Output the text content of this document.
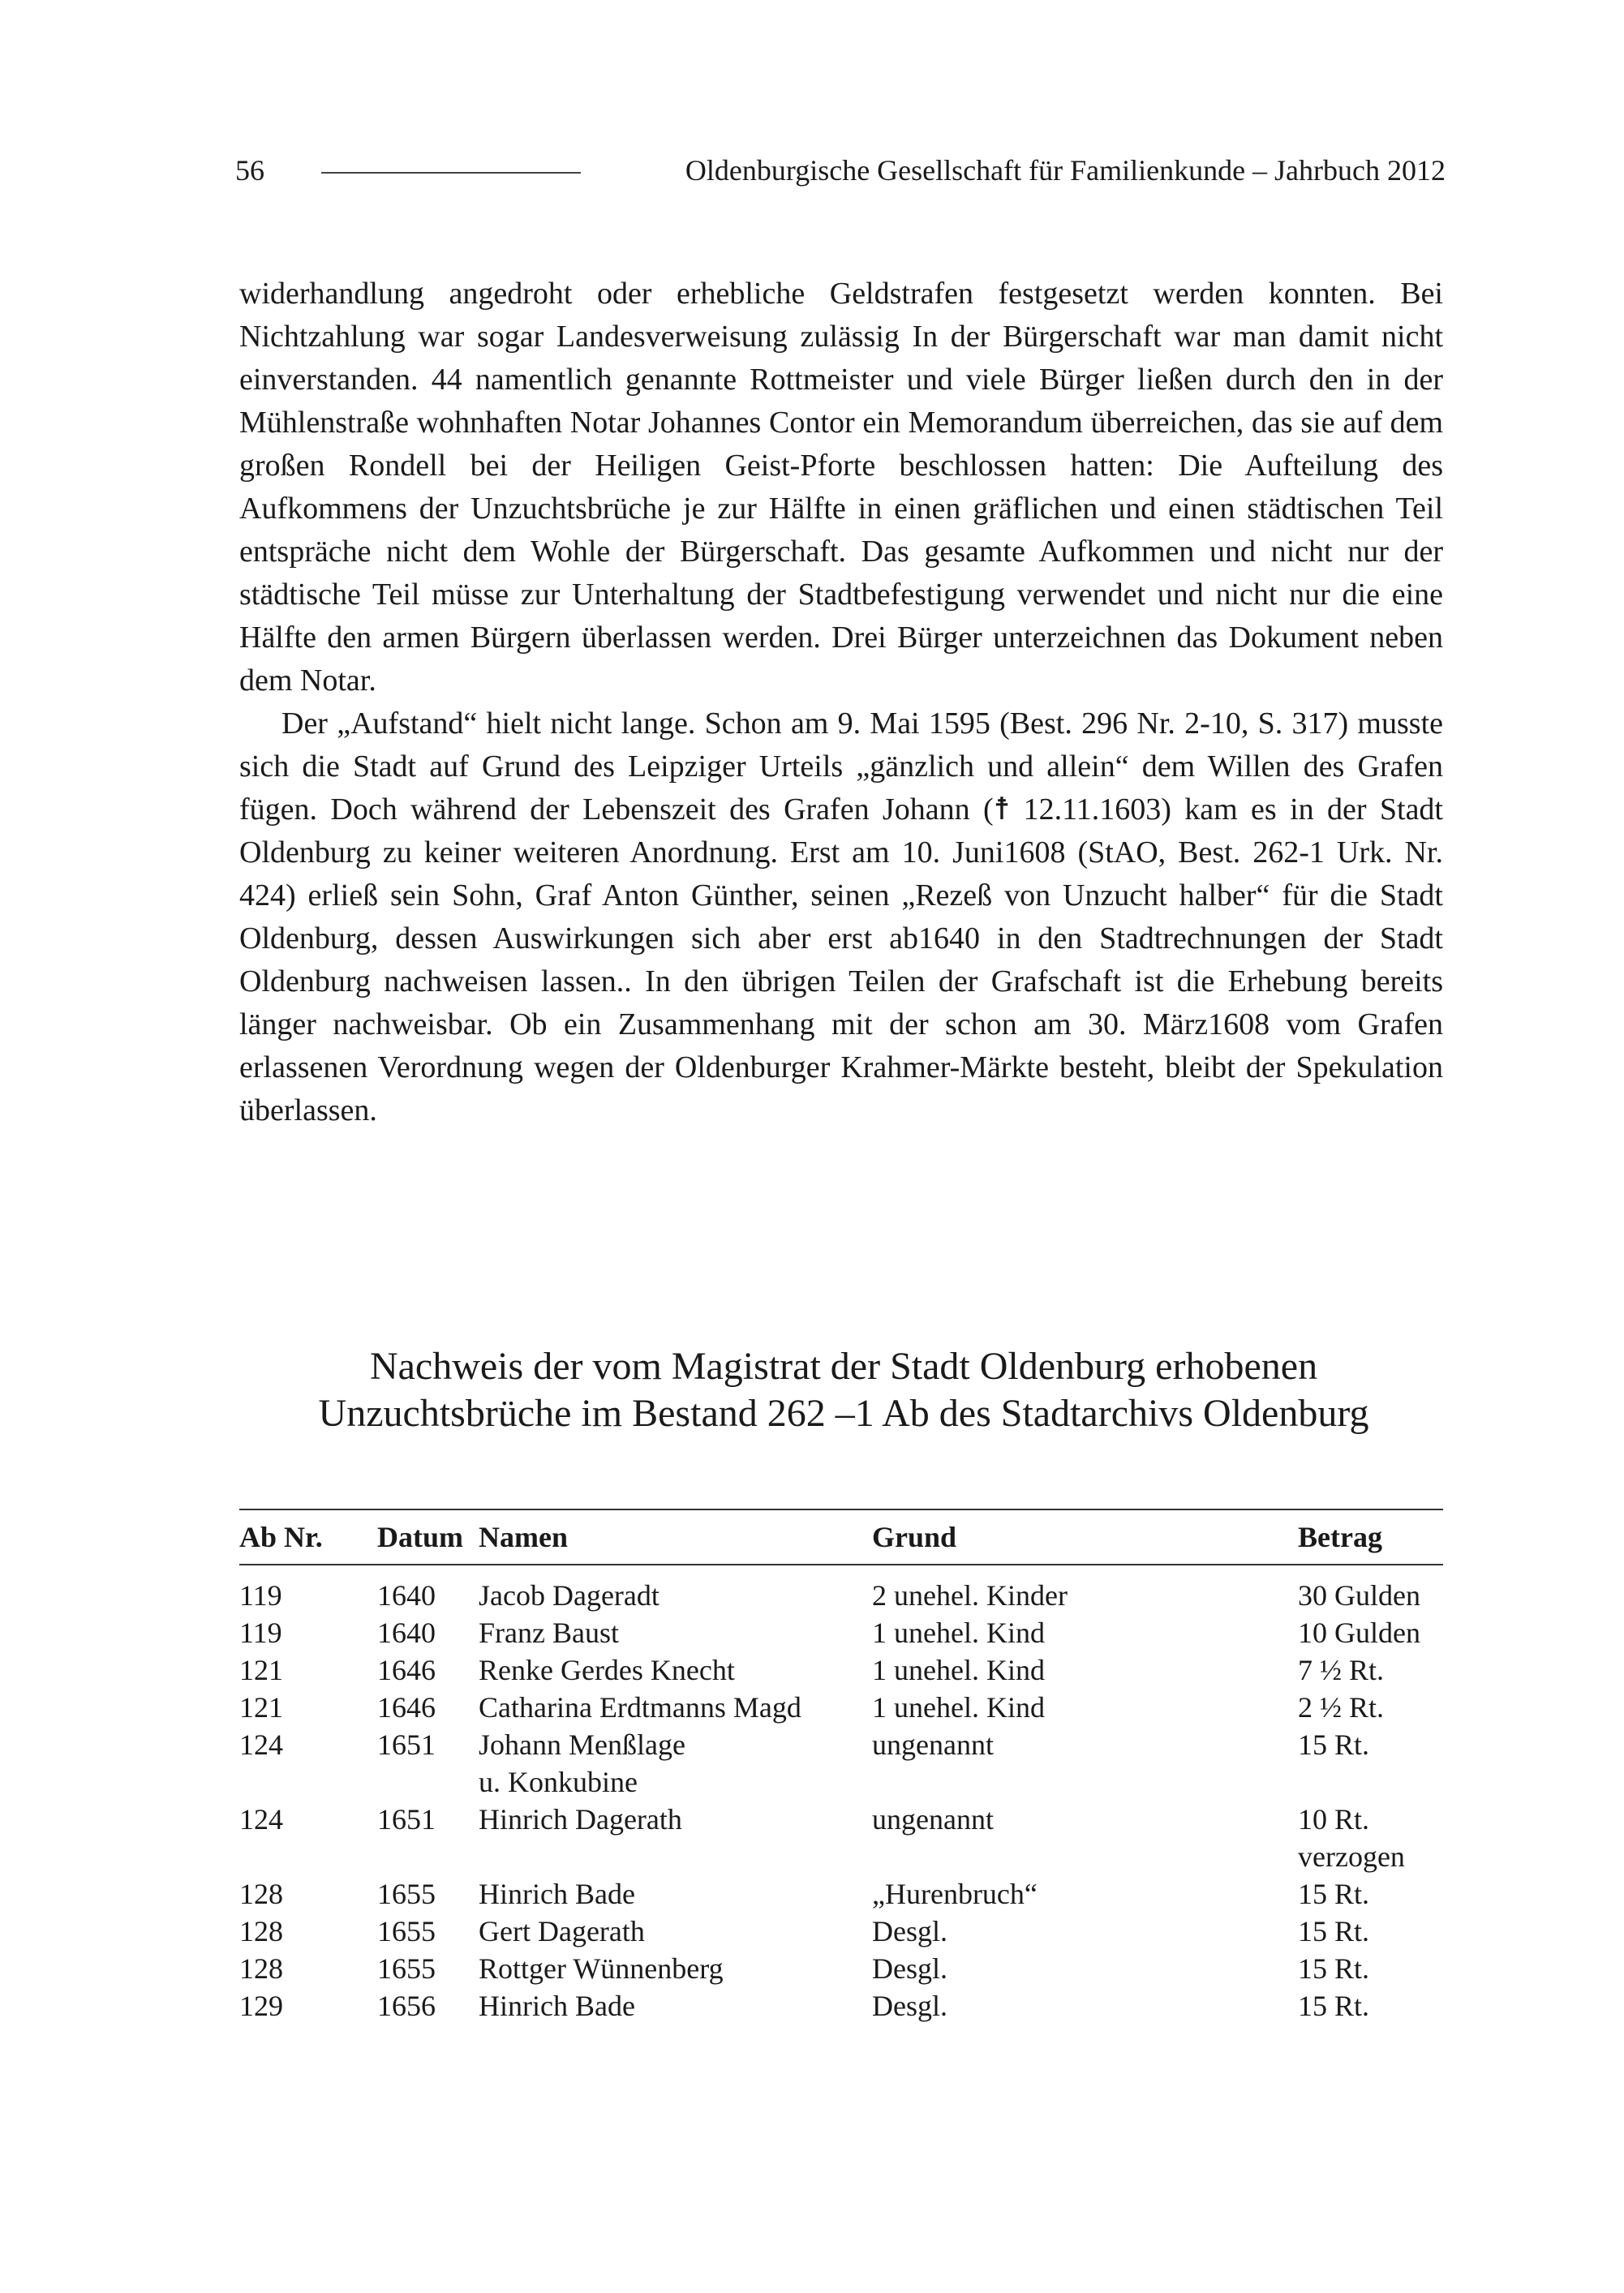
56	Oldenburgische Gesellschaft für Familienkunde – Jahrbuch 2012

widerhandlung angedroht oder erhebliche Geldstrafen festgesetzt werden konnten. Bei Nichtzahlung war sogar Landesverweisung zulässig In der Bürgerschaft war man damit nicht einverstanden. 44 namentlich genannte Rottmeister und viele Bürger ließen durch den in der Mühlenstraße wohnhaften Notar Johannes Contor ein Memorandum überreichen, das sie auf dem großen Rondell bei der Heiligen Geist-Pforte beschlossen hatten: Die Aufteilung des Aufkommens der Unzuchtsbrüche je zur Hälfte in einen gräflichen und einen städtischen Teil entspräche nicht dem Wohle der Bürgerschaft. Das gesamte Aufkommen und nicht nur der städtische Teil müsse zur Unterhaltung der Stadtbefestigung verwendet und nicht nur die eine Hälfte den armen Bürgern überlassen werden. Drei Bürger unterzeichnen das Dokument neben dem Notar.

Der „Aufstand“ hielt nicht lange. Schon am 9. Mai 1595 (Best. 296 Nr. 2-10, S. 317) musste sich die Stadt auf Grund des Leipziger Urteils „gänzlich und allein“ dem Willen des Grafen fügen. Doch während der Lebenszeit des Grafen Johann (☨ 12.11.1603) kam es in der Stadt Oldenburg zu keiner weiteren Anordnung. Erst am 10. Juni1608 (StAO, Best. 262-1 Urk. Nr. 424) erließ sein Sohn, Graf Anton Günther, seinen „Rezeß von Unzucht halber“ für die Stadt Oldenburg, dessen Auswirkungen sich aber erst ab1640 in den Stadtrechnungen der Stadt Oldenburg nachweisen lassen.. In den übrigen Teilen der Grafschaft ist die Erhebung bereits länger nachweisbar. Ob ein Zusammenhang mit der schon am 30. März1608 vom Grafen erlassenen Verordnung wegen der Oldenburger Krahmer-Märkte besteht, bleibt der Spekulation überlassen.

Nachweis der vom Magistrat der Stadt Oldenburg erhobenen
Unzuchtsbrüche im Bestand 262 –1 Ab des Stadtarchivs Oldenburg
Ab Nr.	Datum	Namen	Grund	Betrag

119	1640	Jacob Dageradt	2 unehel. Kinder	30 Gulden
119	1640	Franz Baust	1 unehel. Kind	10 Gulden
121	1646	Renke Gerdes Knecht	1 unehel. Kind	7 ½ Rt.
121	1646	Catharina Erdtmanns Magd	1 unehel. Kind	2 ½ Rt.
124	1651	Johann Menßlage	ungenannt	15 Rt.
		u. Konkubine		
124	1651	Hinrich Dagerath	ungenannt	10 Rt.
				verzogen
128	1655	Hinrich Bade	„Hurenbruch“	15 Rt.
128	1655	Gert Dagerath	Desgl.	15 Rt.
128	1655	Rottger Wünnenberg	Desgl.	15 Rt.
129	1656	Hinrich Bade	Desgl.	15 Rt.
